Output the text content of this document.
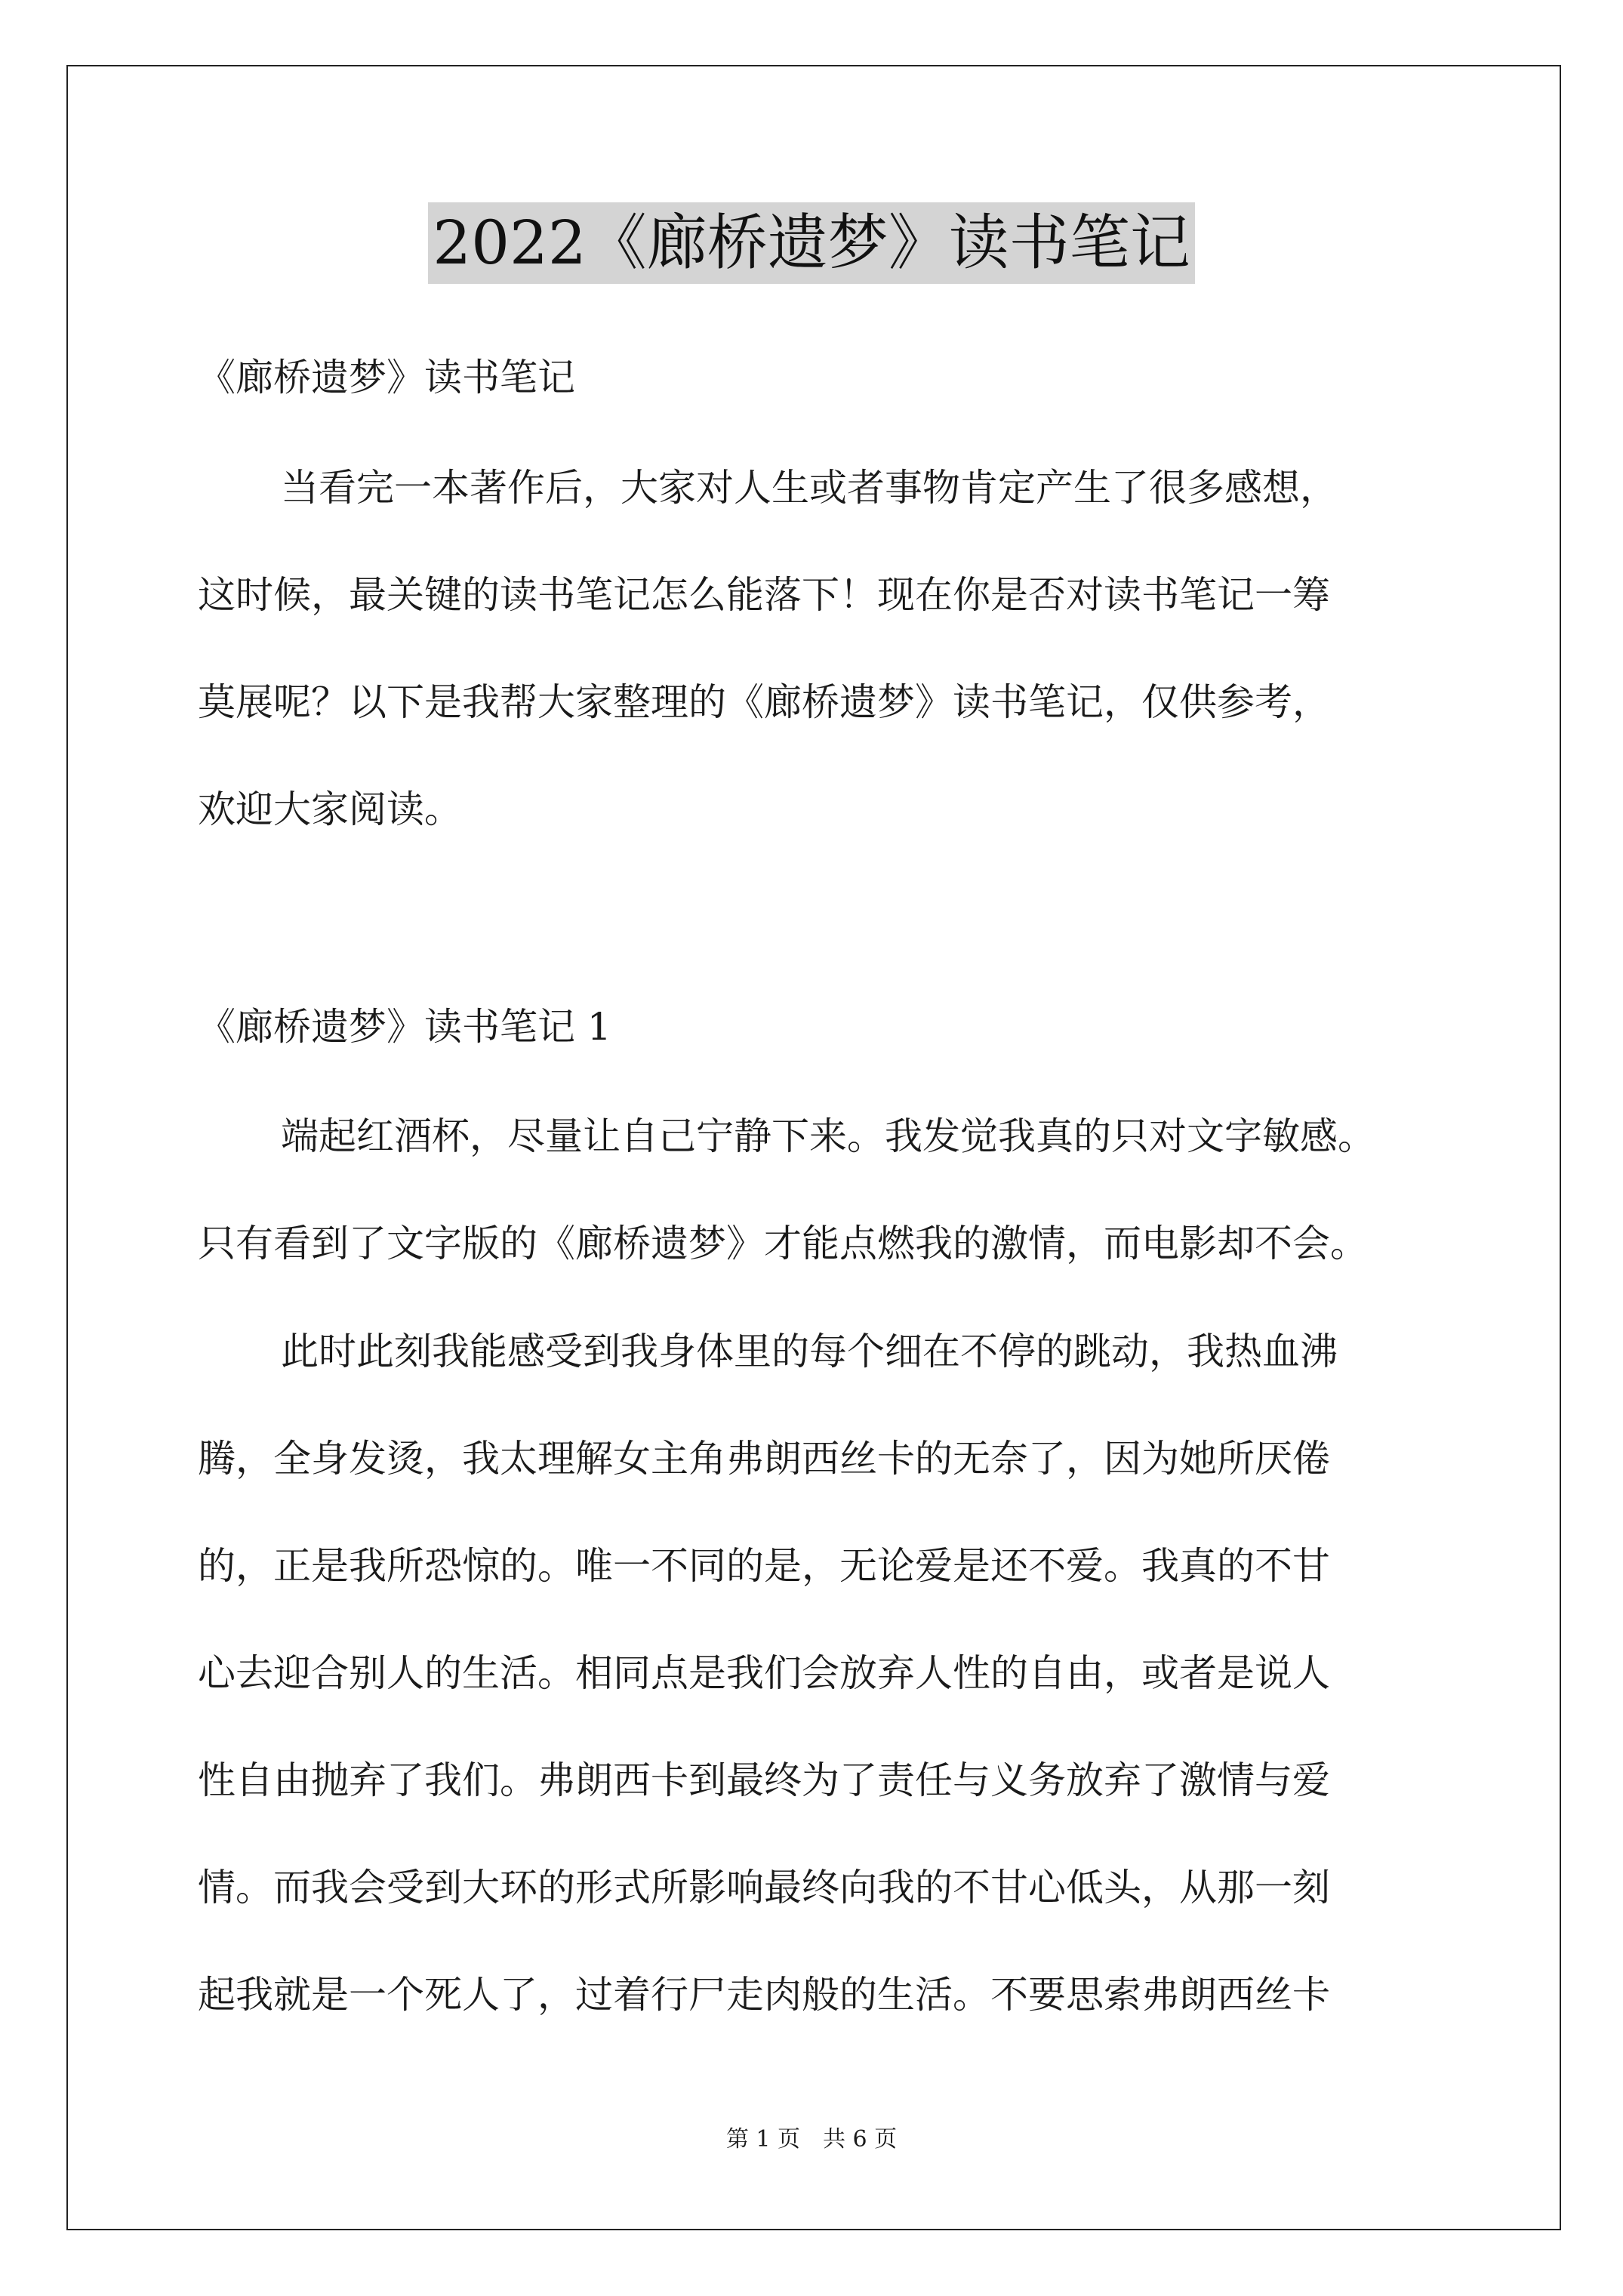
2022《廊桥遗梦》读书笔记
《廊桥遗梦》读书笔记
当看完一本著作后，大家对人生或者事物肯定产生了很多感想，
这时候，最关键的读书笔记怎么能落下！现在你是否对读书笔记一筹
莫展呢？以下是我帮大家整理的《廊桥遗梦》读书笔记，仅供参考，
欢迎大家阅读。
《廊桥遗梦》读书笔记 1
端起红酒杯，尽量让自己宁静下来。我发觉我真的只对文字敏感。
只有看到了文字版的《廊桥遗梦》才能点燃我的激情，而电影却不会。
此时此刻我能感受到我身体里的每个细在不停的跳动，我热血沸
腾，全身发烫，我太理解女主角弗朗西丝卡的无奈了，因为她所厌倦
的，正是我所恐惊的。唯一不同的是，无论爱是还不爱。我真的不甘
心去迎合别人的生活。相同点是我们会放弃人性的自由，或者是说人
性自由抛弃了我们。弗朗西卡到最终为了责任与义务放弃了激情与爱
情。而我会受到大环的形式所影响最终向我的不甘心低头，从那一刻
起我就是一个死人了，过着行尸走肉般的生活。不要思索弗朗西丝卡
第 1 页 共 6 页
